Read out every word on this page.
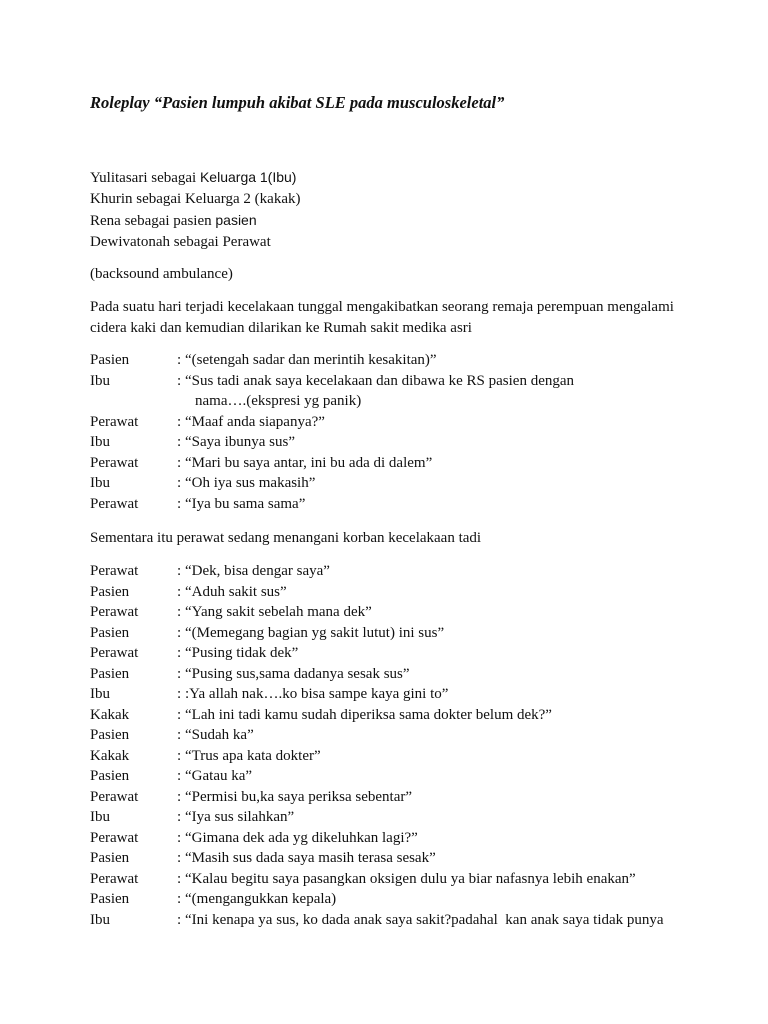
Roleplay “Pasien lumpuh akibat SLE pada musculoskeletal”
Yulitasari sebagai Keluarga 1(Ibu)
Khurin sebagai Keluarga 2 (kakak)
Rena sebagai pasien pasien
Dewivatonah sebagai Perawat
(backsound ambulance)
Pada suatu hari terjadi kecelakaan tunggal mengakibatkan seorang remaja perempuan mengalami cidera kaki dan kemudian dilarikan ke Rumah sakit medika asri
Pasien	: “(setengah sadar dan merintih kesakitan)”
Ibu	: “Sus tadi anak saya kecelakaan dan dibawa ke RS pasien dengan
nama….(ekspresi yg panik)
Perawat	: “Maaf anda siapanya?”
Ibu	: “Saya ibunya sus”
Perawat	: “Mari bu saya antar, ini bu ada di dalem”
Ibu	: “Oh iya sus makasih”
Perawat	: “Iya bu sama sama”
Sementara itu perawat sedang menangani korban kecelakaan tadi
Perawat	: “Dek, bisa dengar saya”
Pasien	: “Aduh sakit sus”
Perawat	: “Yang sakit sebelah mana dek”
Pasien	: “(Memegang bagian yg sakit lutut) ini sus”
Perawat	: “Pusing tidak dek”
Pasien	: “Pusing sus,sama dadanya sesak sus”
Ibu	: :Ya allah nak….ko bisa sampe kaya gini to”
Kakak	: “Lah ini tadi kamu sudah diperiksa sama dokter belum dek?”
Pasien	: “Sudah ka”
Kakak	: “Trus apa kata dokter”
Pasien	: “Gatau ka”
Perawat	: “Permisi bu,ka saya periksa sebentar”
Ibu	: “Iya sus silahkan”
Perawat	: “Gimana dek ada yg dikeluhkan lagi?”
Pasien	: “Masih sus dada saya masih terasa sesak”
Perawat	: “Kalau begitu saya pasangkan oksigen dulu ya biar nafasnya lebih enakan”
Pasien	: “(mengangukkan kepala)
Ibu	: “Ini kenapa ya sus, ko dada anak saya sakit?padahal  kan anak saya tidak punya
